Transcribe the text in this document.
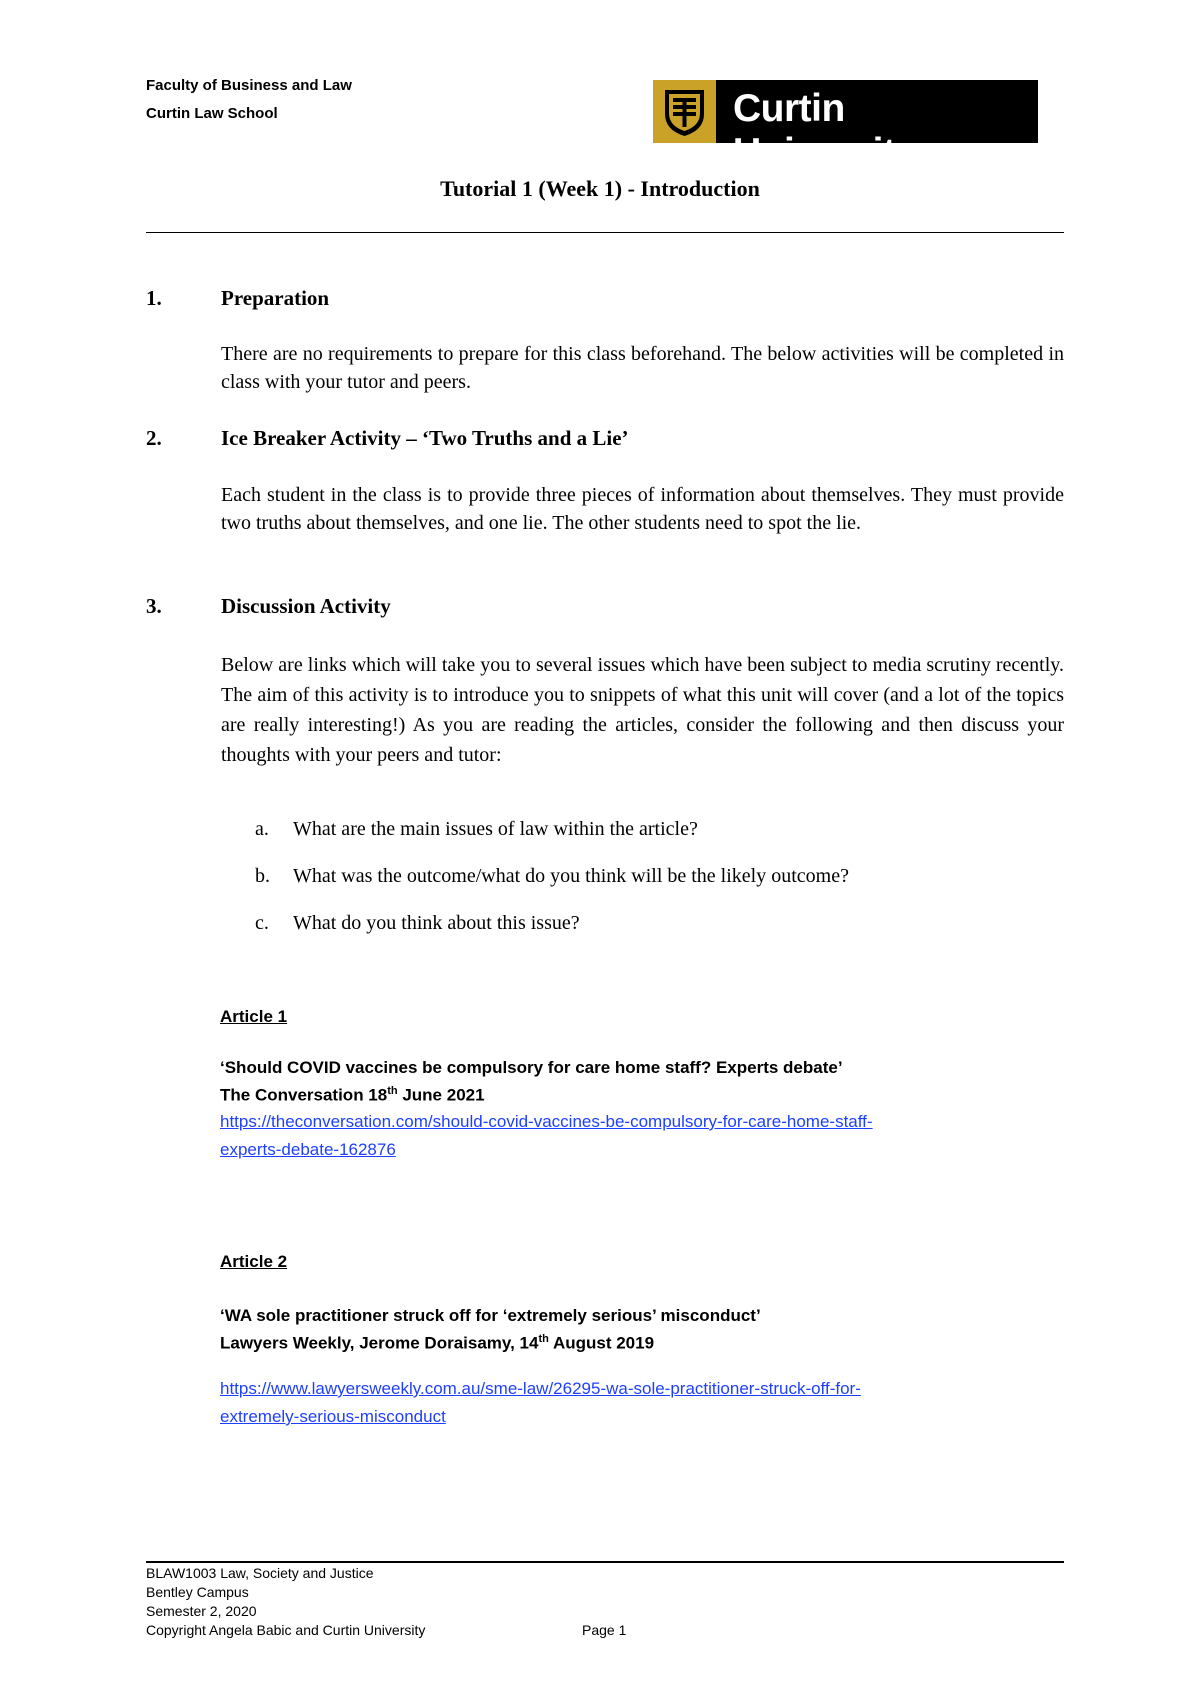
Faculty of Business and Law
Curtin Law School	Curtin University
Tutorial 1 (Week 1) - Introduction
1.	Preparation
There are no requirements to prepare for this class beforehand. The below activities will be completed in class with your tutor and peers.
2.	Ice Breaker Activity – ‘Two Truths and a Lie’
Each student in the class is to provide three pieces of information about themselves. They must provide two truths about themselves, and one lie. The other students need to spot the lie.
3.	Discussion Activity
Below are links which will take you to several issues which have been subject to media scrutiny recently. The aim of this activity is to introduce you to snippets of what this unit will cover (and a lot of the topics are really interesting!) As you are reading the articles, consider the following and then discuss your thoughts with your peers and tutor:
a. What are the main issues of law within the article?
b. What was the outcome/what do you think will be the likely outcome?
c. What do you think about this issue?
Article 1
‘Should COVID vaccines be compulsory for care home staff? Experts debate’
The Conversation 18th June 2021
https://theconversation.com/should-covid-vaccines-be-compulsory-for-care-home-staff-
experts-debate-162876
Article 2
‘WA sole practitioner struck off for ‘extremely serious’ misconduct’
Lawyers Weekly, Jerome Doraisamy, 14th August 2019
https://www.lawyersweekly.com.au/sme-law/26295-wa-sole-practitioner-struck-off-for-
extremely-serious-misconduct
BLAW1003 Law, Society and Justice
Bentley Campus
Semester 2, 2020
Copyright Angela Babic and Curtin University	Page 1
